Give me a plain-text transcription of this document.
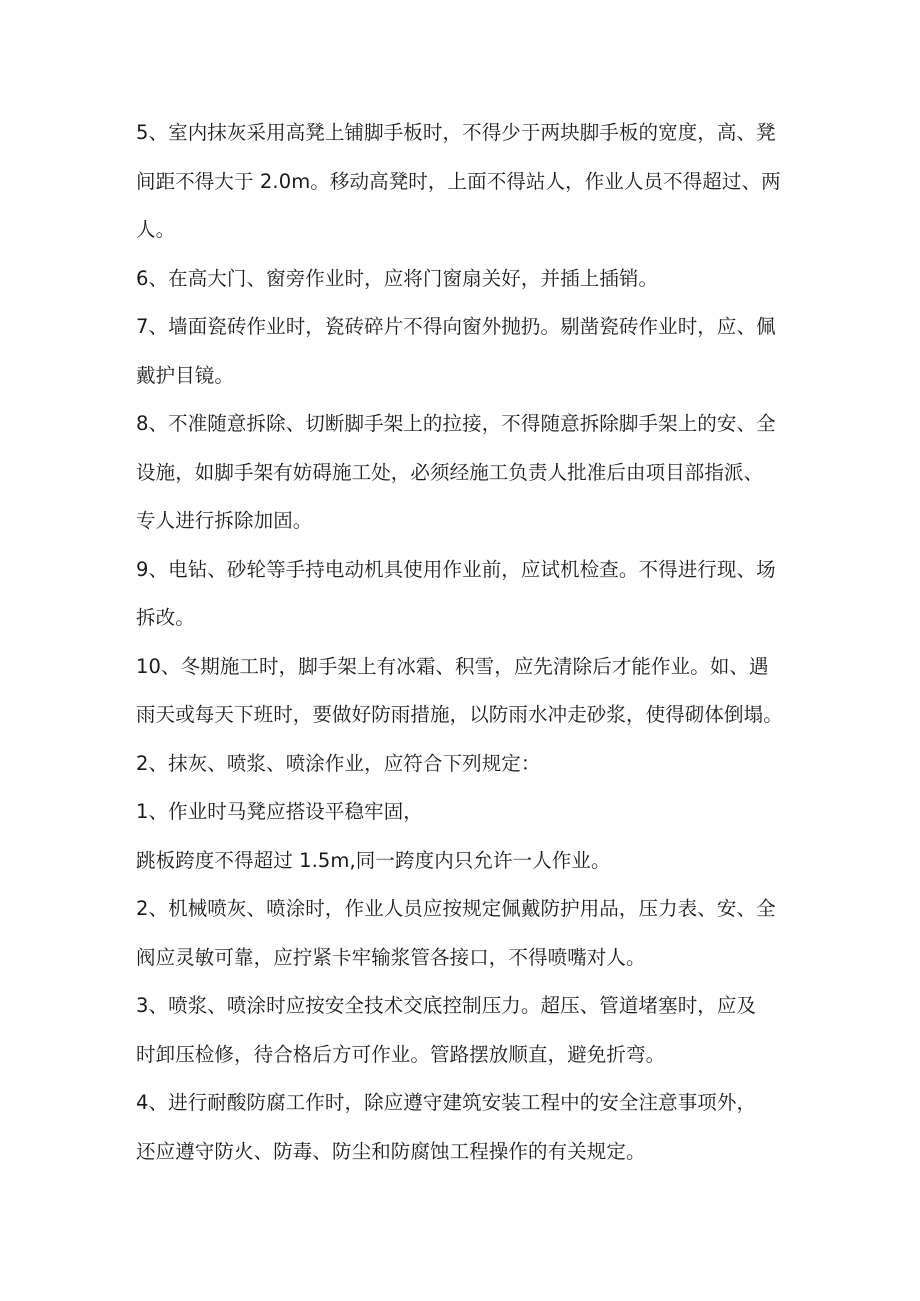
5、室内抹灰采用高凳上铺脚手板时，不得少于两块脚手板的宽度，高、凳
间距不得大于 2.0m。移动高凳时，上面不得站人，作业人员不得超过、两
人。
6、在高大门、窗旁作业时，应将门窗扇关好，并插上插销。
7、墙面瓷砖作业时，瓷砖碎片不得向窗外抛扔。剔凿瓷砖作业时，应、佩
戴护目镜。
8、不准随意拆除、切断脚手架上的拉接，不得随意拆除脚手架上的安、全
设施，如脚手架有妨碍施工处，必须经施工负责人批准后由项目部指派、
专人进行拆除加固。
9、电钻、砂轮等手持电动机具使用作业前，应试机检查。不得进行现、场
拆改。
10、冬期施工时，脚手架上有冰霜、积雪，应先清除后才能作业。如、遇
雨天或每天下班时，要做好防雨措施，以防雨水冲走砂浆，使得砌体倒塌。
2、抹灰、喷浆、喷涂作业，应符合下列规定：
1、作业时马凳应搭设平稳牢固，
跳板跨度不得超过 1.5m,同一跨度内只允许一人作业。
2、机械喷灰、喷涂时，作业人员应按规定佩戴防护用品，压力表、安、全
阀应灵敏可靠，应拧紧卡牢输浆管各接口，不得喷嘴对人。
3、喷浆、喷涂时应按安全技术交底控制压力。超压、管道堵塞时，应及
时卸压检修，待合格后方可作业。管路摆放顺直，避免折弯。
4、进行耐酸防腐工作时，除应遵守建筑安装工程中的安全注意事项外，
还应遵守防火、防毒、防尘和防腐蚀工程操作的有关规定。
